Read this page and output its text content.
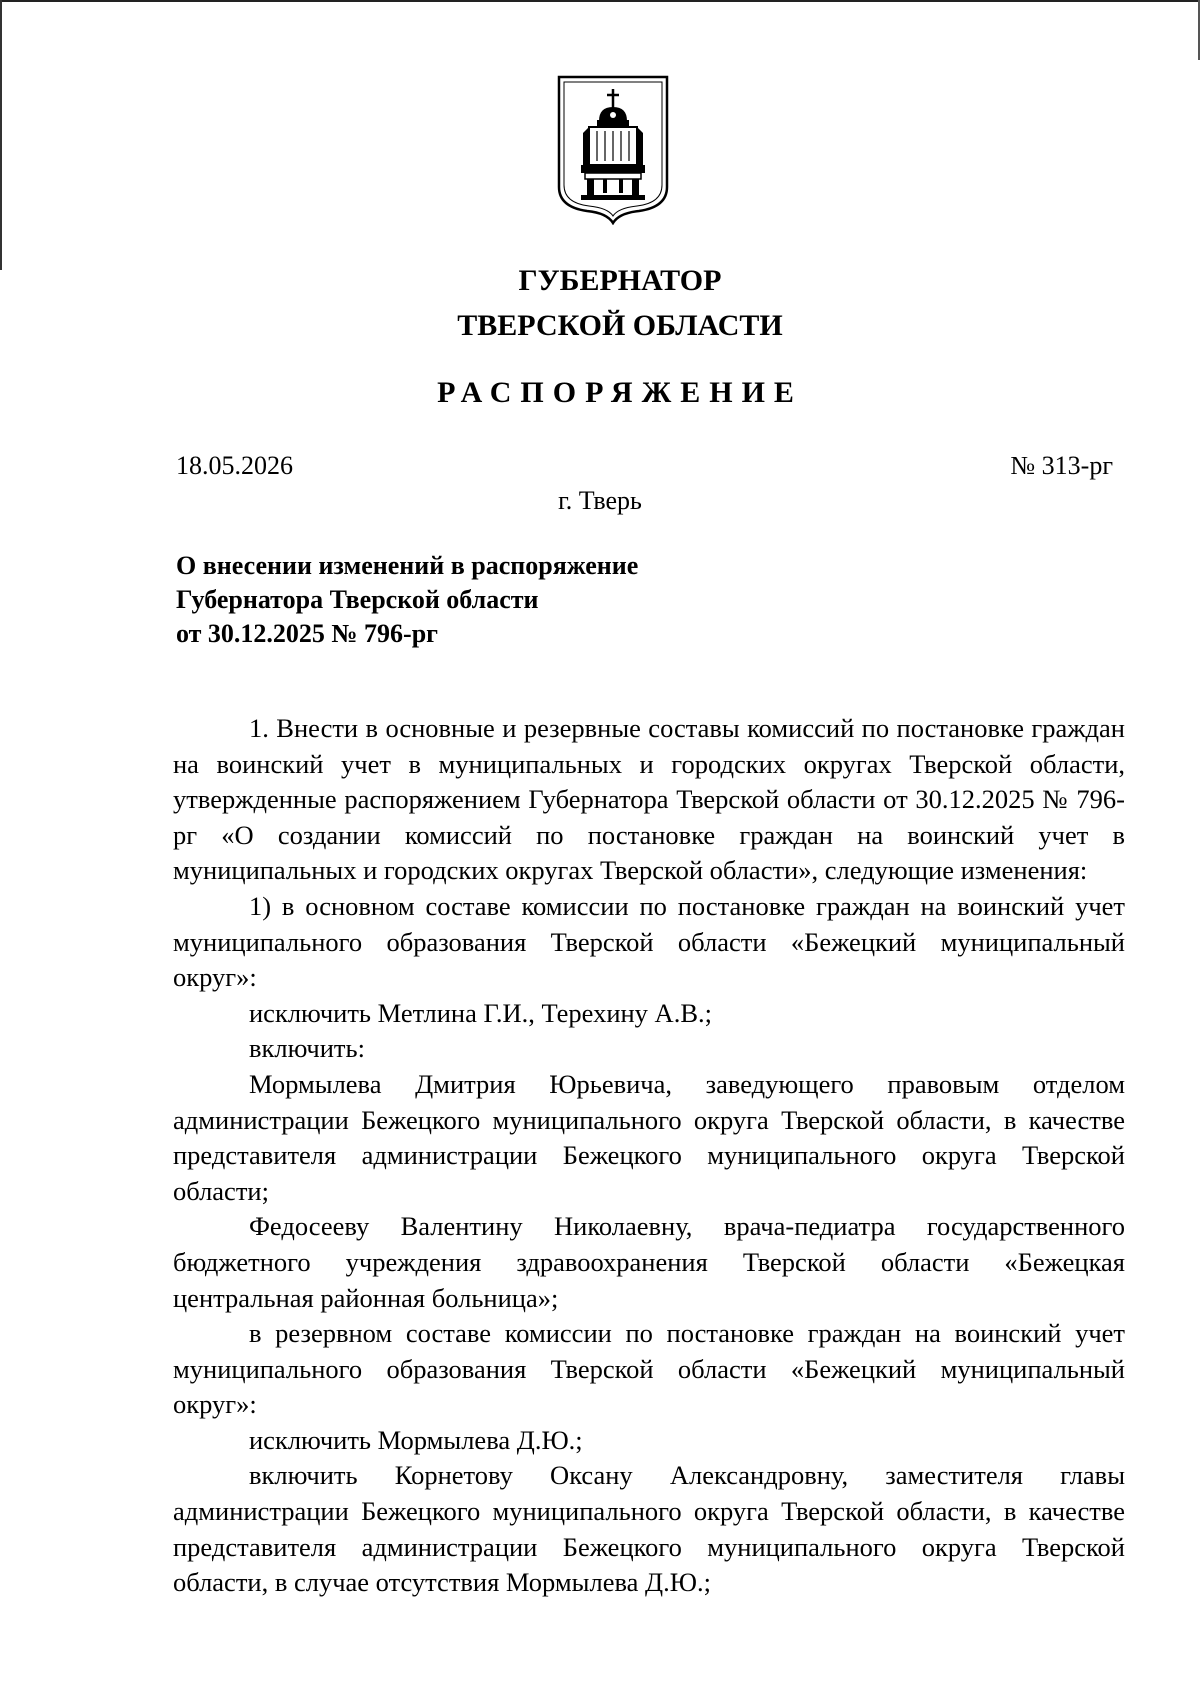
ГУБЕРНАТОР
ТВЕРСКОЙ ОБЛАСТИ
РАСПОРЯЖЕНИЕ
18.05.2026	№ 313-рг
г. Тверь
О внесении изменений в распоряжение
Губернатора Тверской области
от 30.12.2025 № 796-рг

1. Внести в основные и резервные составы комиссий по постановке граждан на воинский учет в муниципальных и городских округах Тверской области, утвержденные распоряжением Губернатора Тверской области от 30.12.2025 № 796-рг «О создании комиссий по постановке граждан на воинский учет в муниципальных и городских округах Тверской области», следующие изменения:

1) в основном составе комиссии по постановке граждан на воинский учет муниципального образования Тверской области «Бежецкий муниципальный округ»:

исключить Метлина Г.И., Терехину А.В.;

включить:

Мормылева Дмитрия Юрьевича, заведующего правовым отделом администрации Бежецкого муниципального округа Тверской области, в качестве представителя администрации Бежецкого муниципального округа Тверской области;

Федосееву Валентину Николаевну, врача-педиатра государственного бюджетного учреждения здравоохранения Тверской области «Бежецкая центральная районная больница»;

в резервном составе комиссии по постановке граждан на воинский учет муниципального образования Тверской области «Бежецкий муниципальный округ»:

исключить Мормылева Д.Ю.;

включить Корнетову Оксану Александровну, заместителя главы администрации Бежецкого муниципального округа Тверской области, в качестве представителя администрации Бежецкого муниципального округа Тверской области, в случае отсутствия Мормылева Д.Ю.;
